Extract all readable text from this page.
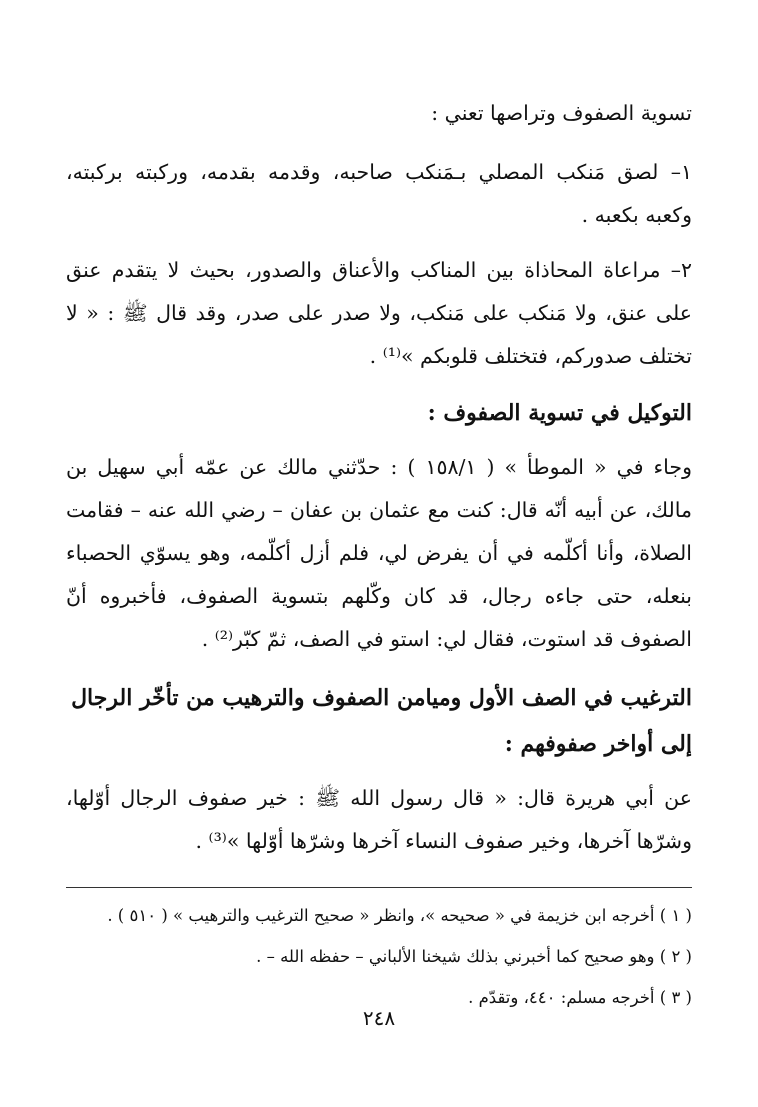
تسوية الصفوف وتراصها تعني :

١– لصق مَنكب المصلي بـمَنكب صاحبه، وقدمه بقدمه، وركبته بركبته، وكعبه بكعبه .

٢– مراعاة المحاذاة بين المناكب والأعناق والصدور، بحيث لا يتقدم عنق على عنق، ولا مَنكب على مَنكب، ولا صدر على صدر، وقد قال ﷺ : « لا تختلف صدوركم، فتختلف قلوبكم »⁽¹⁾ .

التوكيل في تسوية الصفوف :

وجاء في « الموطأ » ( ١٥٨/١ ) : حدّثني مالك عن عمّه أبي سهيل بن مالك، عن أبيه أنّه قال: كنت مع عثمان بن عفان – رضي الله عنه – فقامت الصلاة، وأنا أكلّمه في أن يفرض لي، فلم أزل أكلّمه، وهو يسوّي الحصباء بنعله، حتى جاءه رجال، قد كان وكّلهم بتسوية الصفوف، فأخبروه أنّ الصفوف قد استوت، فقال لي: استو في الصف، ثمّ كبّر⁽²⁾ .

الترغيب في الصف الأول وميامن الصفوف والترهيب من تأخّر الرجال إلى أواخر صفوفهم :

عن أبي هريرة قال: « قال رسول الله ﷺ : خير صفوف الرجال أوّلها، وشرّها آخرها، وخير صفوف النساء آخرها وشرّها أوّلها »⁽³⁾ .

( ١ ) أخرجه ابن خزيمة في « صحيحه »، وانظر « صحيح الترغيب والترهيب » ( ٥١٠ ) .

( ٢ ) وهو صحيح كما أخبرني بذلك شيخنا الألباني – حفظه الله – .

( ٣ ) أخرجه مسلم: ٤٤٠، وتقدّم .

٢٤٨
